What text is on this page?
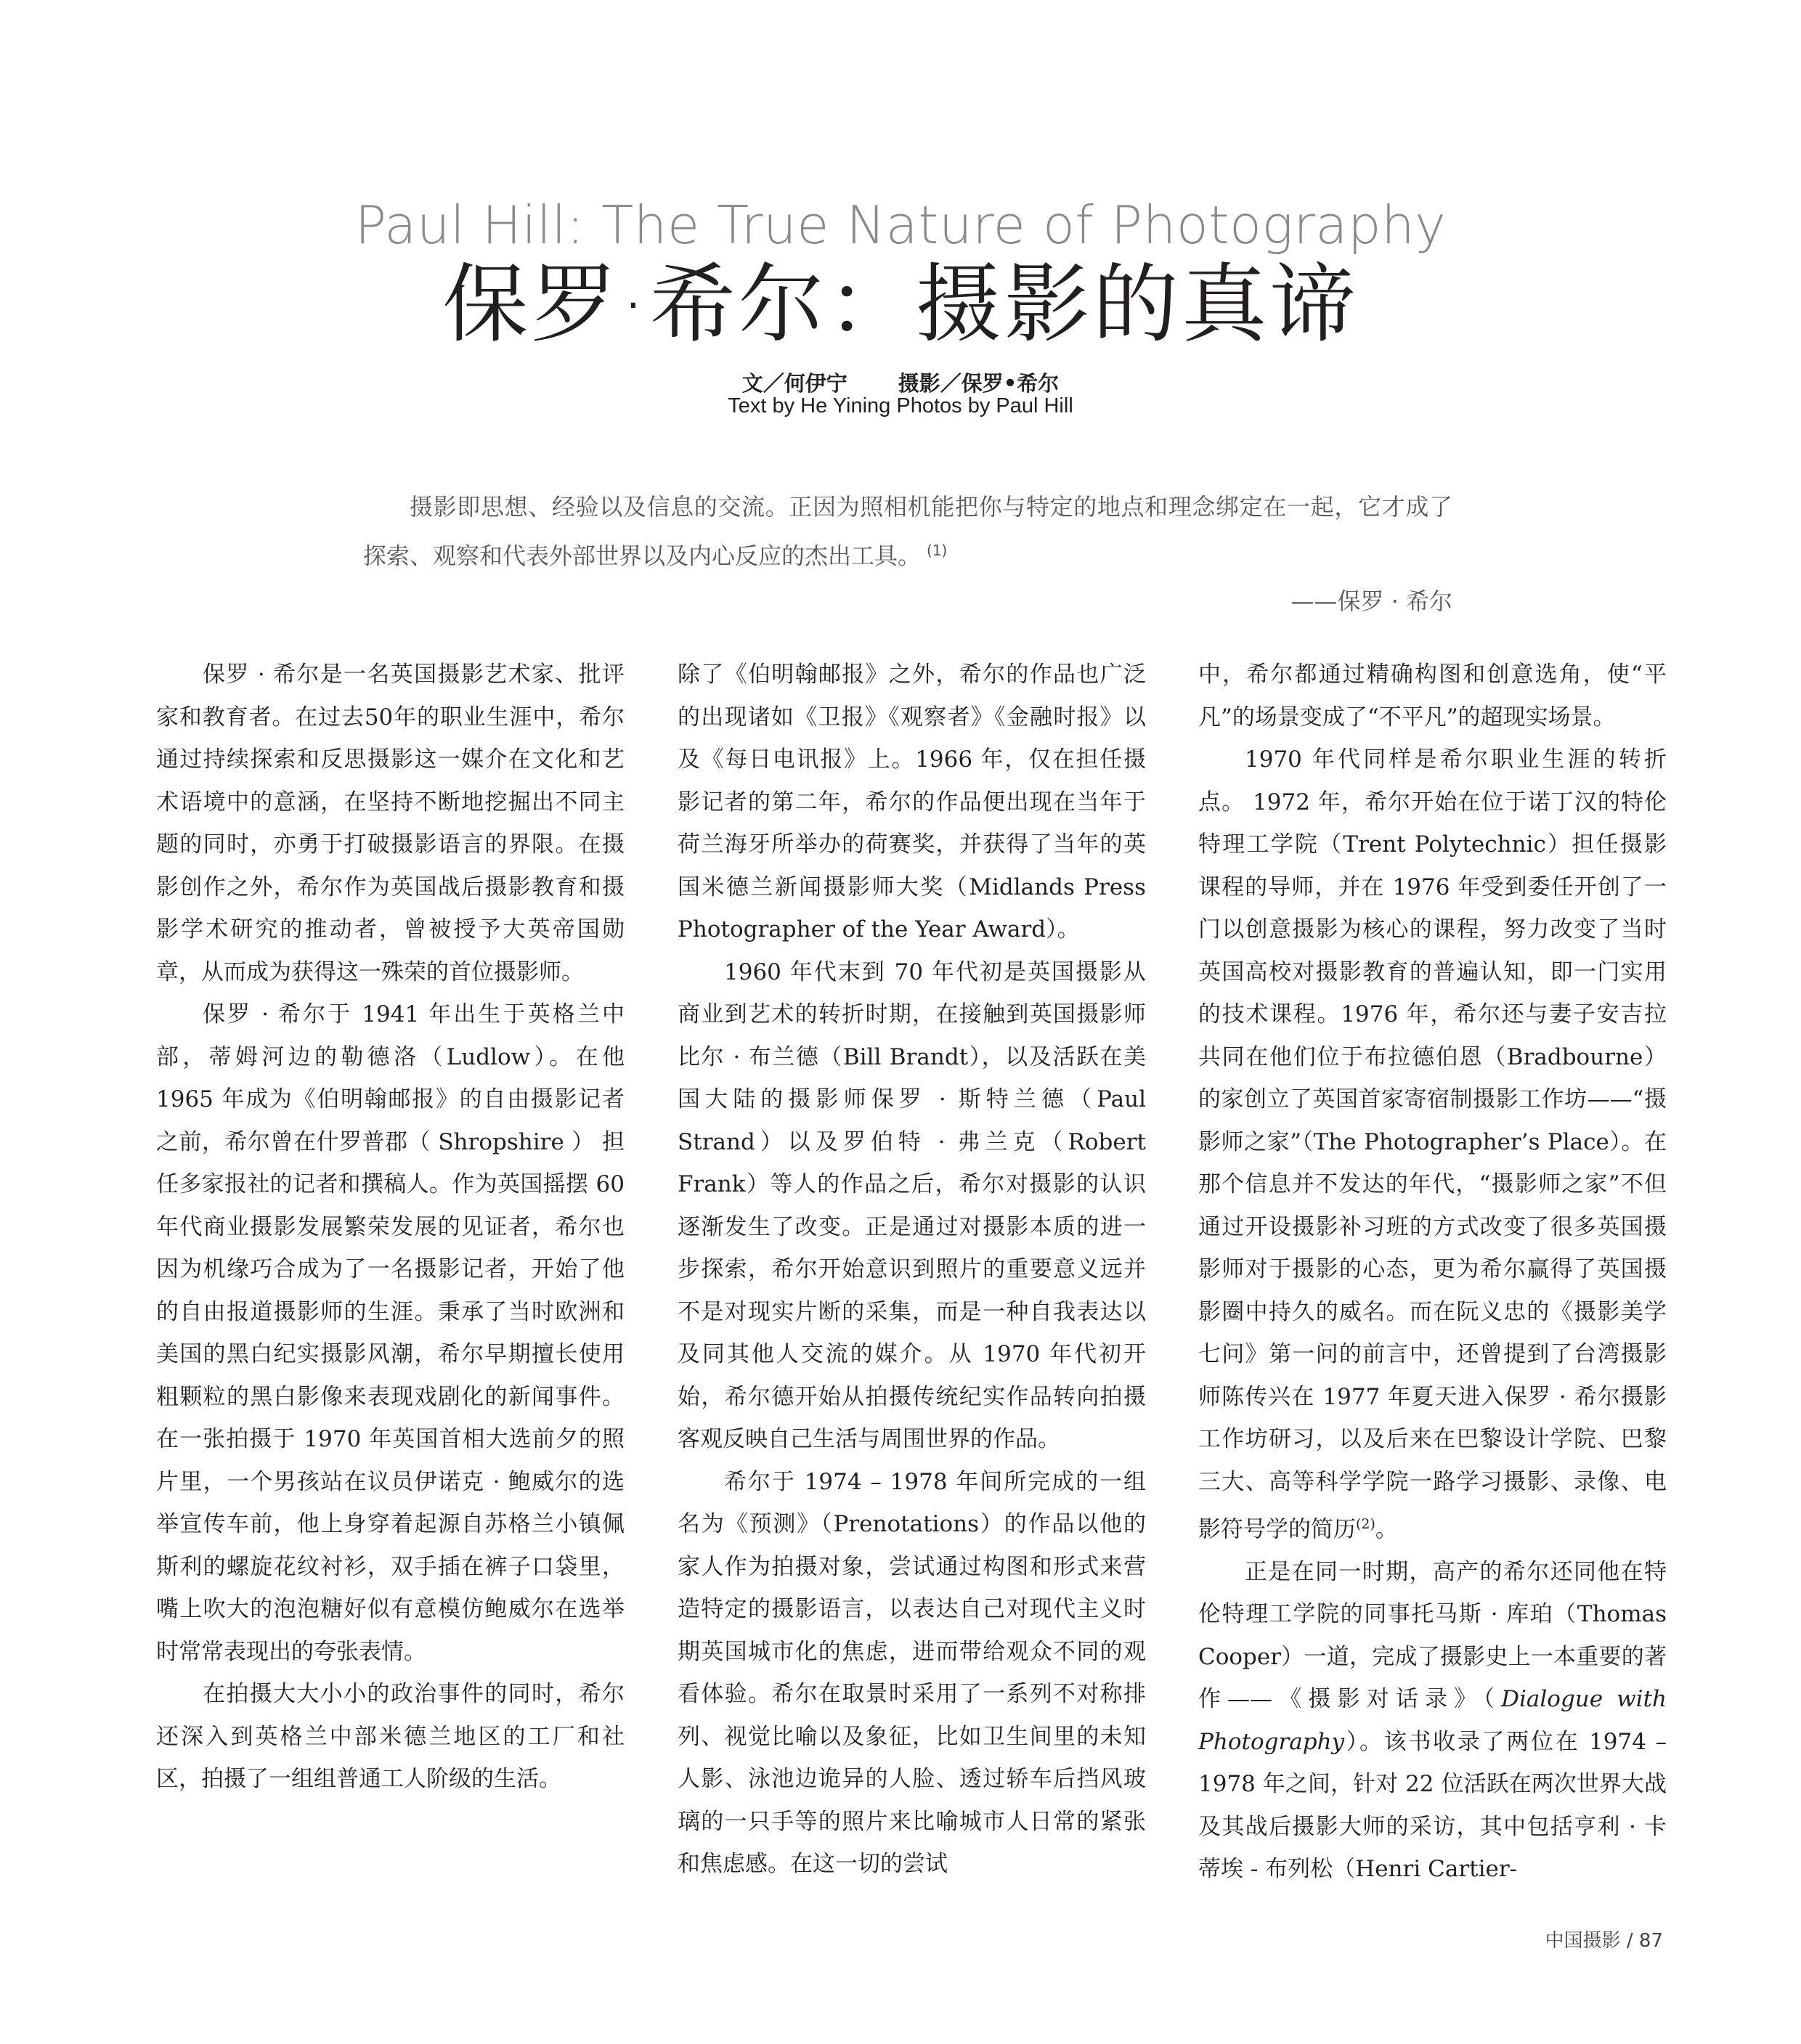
Paul Hill: The True Nature of Photography
保罗·希尔：摄影的真谛
文／何伊宁 摄影／保罗•希尔
Text by He Yining Photos by Paul Hill

摄影即思想、经验以及信息的交流。正因为照相机能把你与特定的地点和理念绑定在一起，它才成了探索、观察和代表外部世界以及内心反应的杰出工具。 $^{(1)}$

——保罗 · 希尔

保罗 · 希尔是一名英国摄影艺术家、批评家和教育者。在过去50年的职业生涯中，希尔通过持续探索和反思摄影这一媒介在文化和艺术语境中的意涵，在坚持不断地挖掘出不同主题的同时，亦勇于打破摄影语言的界限。在摄影创作之外，希尔作为英国战后摄影教育和摄影学术研究的推动者，曾被授予大英帝国勋章，从而成为获得这一殊荣的首位摄影师。

保罗 · 希尔于 1941 年出生于英格兰中部，蒂姆河边的勒德洛（Ludlow）。在他 1965 年成为《伯明翰邮报》的自由摄影记者之前，希尔曾在什罗普郡（ Shropshire ） 担任多家报社的记者和撰稿人。作为英国摇摆 60 年代商业摄影发展繁荣发展的见证者，希尔也因为机缘巧合成为了一名摄影记者，开始了他的自由报道摄影师的生涯。秉承了当时欧洲和美国的黑白纪实摄影风潮，希尔早期擅长使用粗颗粒的黑白影像来表现戏剧化的新闻事件。在一张拍摄于 1970 年英国首相大选前夕的照片里，一个男孩站在议员伊诺克 · 鲍威尔的选举宣传车前，他上身穿着起源自苏格兰小镇佩斯利的螺旋花纹衬衫，双手插在裤子口袋里，嘴上吹大的泡泡糖好似有意模仿鲍威尔在选举时常常表现出的夸张表情。

在拍摄大大小小的政治事件的同时，希尔还深入到英格兰中部米德兰地区的工厂和社区，拍摄了一组组普通工人阶级的生活。

除了《伯明翰邮报》之外，希尔的作品也广泛的出现诸如《卫报》《观察者》《金融时报》以及《每日电讯报》上。1966 年，仅在担任摄影记者的第二年，希尔的作品便出现在当年于荷兰海牙所举办的荷赛奖，并获得了当年的英国米德兰新闻摄影师大奖（Midlands Press Photographer of the Year Award）。

1960 年代末到 70 年代初是英国摄影从商业到艺术的转折时期，在接触到英国摄影师比尔 · 布兰德（Bill Brandt），以及活跃在美国大陆的摄影师保罗 · 斯特兰德（Paul Strand）以及罗伯特 · 弗兰克（Robert Frank）等人的作品之后，希尔对摄影的认识逐渐发生了改变。正是通过对摄影本质的进一步探索，希尔开始意识到照片的重要意义远并不是对现实片断的采集，而是一种自我表达以及同其他人交流的媒介。从 1970 年代初开始，希尔德开始从拍摄传统纪实作品转向拍摄客观反映自己生活与周围世界的作品。

希尔于 1974 – 1978 年间所完成的一组名为《预测》（Prenotations）的作品以他的家人作为拍摄对象，尝试通过构图和形式来营造特定的摄影语言，以表达自己对现代主义时期英国城市化的焦虑，进而带给观众不同的观看体验。希尔在取景时采用了一系列不对称排列、视觉比喻以及象征，比如卫生间里的未知人影、泳池边诡异的人脸、透过轿车后挡风玻璃的一只手等的照片来比喻城市人日常的紧张和焦虑感。在这一切的尝试

中，希尔都通过精确构图和创意选角，使“平凡”的场景变成了“不平凡”的超现实场景。

1970 年代同样是希尔职业生涯的转折点。 1972 年，希尔开始在位于诺丁汉的特伦特理工学院（Trent Polytechnic）担任摄影课程的导师，并在 1976 年受到委任开创了一门以创意摄影为核心的课程，努力改变了当时英国高校对摄影教育的普遍认知，即一门实用的技术课程。1976 年，希尔还与妻子安吉拉共同在他们位于布拉德伯恩（Bradbourne）的家创立了英国首家寄宿制摄影工作坊——“摄影师之家”（The Photographer’s Place）。在那个信息并不发达的年代，“摄影师之家”不但通过开设摄影补习班的方式改变了很多英国摄影师对于摄影的心态，更为希尔赢得了英国摄影圈中持久的威名。而在阮义忠的《摄影美学七问》第一问的前言中，还曾提到了台湾摄影师陈传兴在 1977 年夏天进入保罗 · 希尔摄影工作坊研习，以及后来在巴黎设计学院、巴黎三大、高等科学学院一路学习摄影、录像、电影符号学的简历$^{(2)}$。

正是在同一时期，高产的希尔还同他在特伦特理工学院的同事托马斯 · 库珀（Thomas Cooper）一道，完成了摄影史上一本重要的著作——《摄影对话录》（Dialogue with Photography）。该书收录了两位在 1974 – 1978 年之间，针对 22 位活跃在两次世界大战及其战后摄影大师的采访，其中包括亨利 · 卡蒂埃 - 布列松（Henri Cartier-

中国摄影 / 87
